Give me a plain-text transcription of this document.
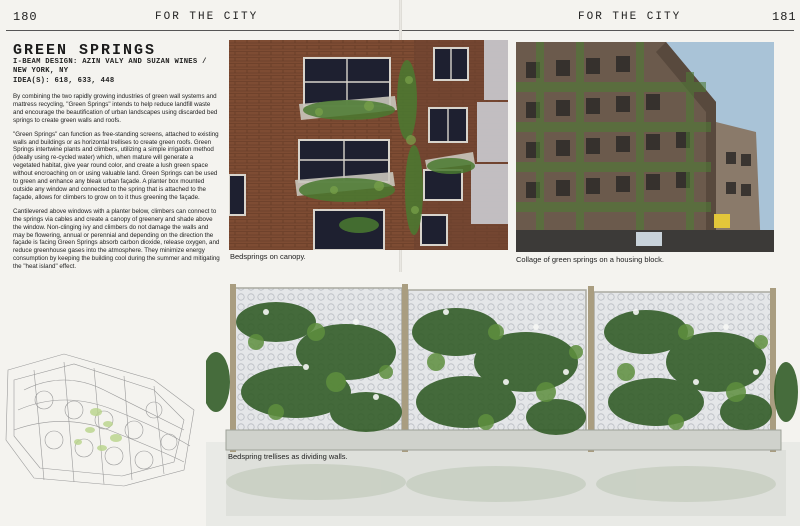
180	FOR THE CITY	FOR THE CITY	181
GREEN SPRINGS
I-BEAM DESIGN: AZIN VALY AND SUZAN WINES /
NEW YORK, NY
IDEA(S): 618, 633, 448

By combining the two rapidly growing industries of green wall systems and mattress recycling, "Green Springs" intends to help reduce landfill waste and encourage the beautification of urban landscapes using discarded bed springs to create green walls and roofs.

"Green Springs" can function as free-standing screens, attached to existing walls and buildings or as horizontal trellises to create green roofs. Green Springs intertwine plants and climbers, utilizing a simple irrigation method (ideally using re-cycled water) which, when mature will generate a vegetated habitat, give year round color, and create a lush green space without encroaching on or using valuable land. Green Springs can be used to green and enhance any bleak urban façade. A planter box mounted outside any window and connected to the spring that is attached to the façade, allows for climbers to grow on to it thus greening the façade.

Cantilevered above windows with a planter below, climbers can connect to the springs via cables and create a canopy of greenery and shade above the window. Non-clinging ivy and climbers do not damage the walls and may be flowering, annual or perennial and depending on the direction the façade is facing Green Springs absorb carbon dioxide, release oxygen, and reduce greenhouse gases into the atmosphere. They minimize energy consumption by keeping the building cool during the summer and mitigating the "heat island" effect.

Bedsprings on canopy.	Collage of green springs on a housing block.
Bedspring trellises as dividing walls.
